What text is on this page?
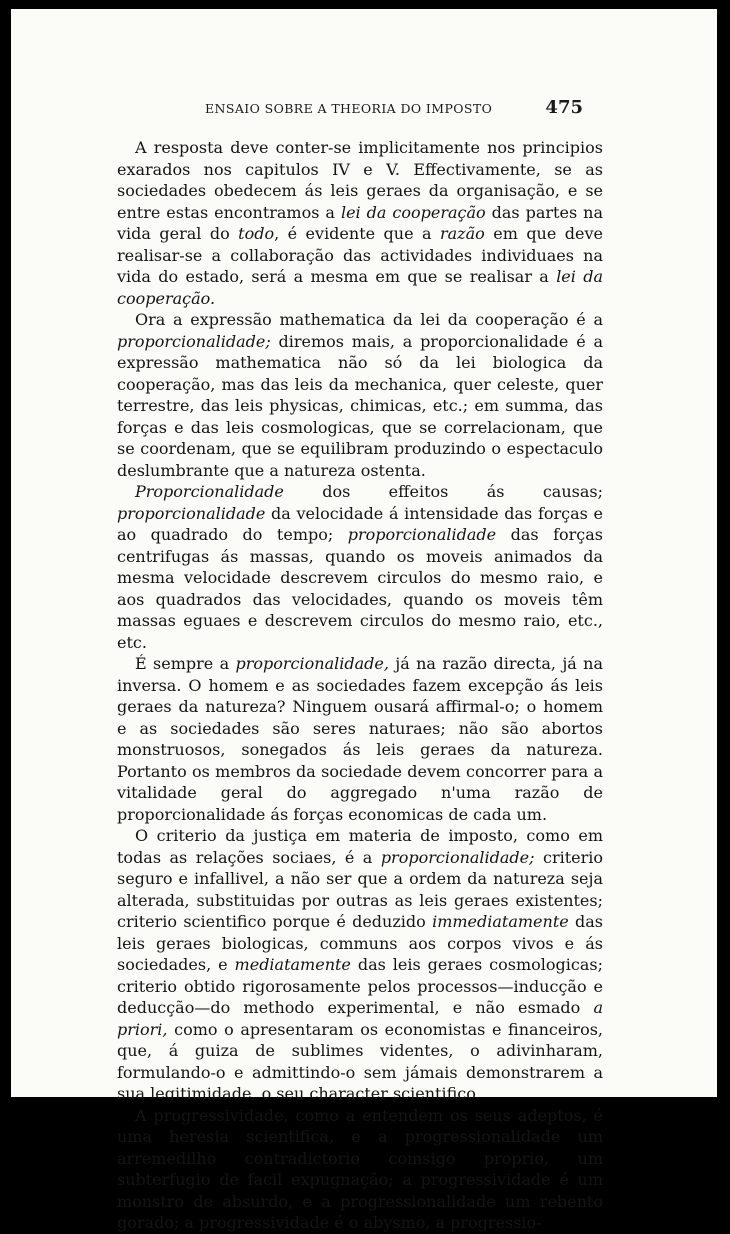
ENSAIO SOBRE A THEORIA DO IMPOSTO	475

A resposta deve conter-se implicitamente nos principios exarados nos capitulos IV e V. Effectivamente, se as sociedades obedecem ás leis geraes da organisação, e se entre estas encontramos a lei da cooperação das partes na vida geral do todo, é evidente que a razão em que deve realisar-se a collaboração das actividades individuaes na vida do estado, será a mesma em que se realisar a lei da cooperação.

Ora a expressão mathematica da lei da cooperação é a proporcionalidade; diremos mais, a proporcionalidade é a expressão mathematica não só da lei biologica da cooperação, mas das leis da mechanica, quer celeste, quer terrestre, das leis physicas, chimicas, etc.; em summa, das forças e das leis cosmologicas, que se correlacionam, que se coordenam, que se equilibram produzindo o espectaculo deslumbrante que a natureza ostenta.

Proporcionalidade dos effeitos ás causas; proporcionalidade da velocidade á intensidade das forças e ao quadrado do tempo; proporcionalidade das forças centrifugas ás massas, quando os moveis animados da mesma velocidade descrevem circulos do mesmo raio, e aos quadrados das velocidades, quando os moveis têm massas eguaes e descrevem circulos do mesmo raio, etc., etc.

É sempre a proporcionalidade, já na razão directa, já na inversa. O homem e as sociedades fazem excepção ás leis geraes da natureza? Ninguem ousará affirmal-o; o homem e as sociedades são seres naturaes; não são abortos monstruosos, sonegados ás leis geraes da natureza. Portanto os membros da sociedade devem concorrer para a vitalidade geral do aggregado n'uma razão de proporcionalidade ás forças economicas de cada um.

O criterio da justiça em materia de imposto, como em todas as relações sociaes, é a proporcionalidade; criterio seguro e infallivel, a não ser que a ordem da natureza seja alterada, substituidas por outras as leis geraes existentes; criterio scientifico porque é deduzido immediatamente das leis geraes biologicas, communs aos corpos vivos e ás sociedades, e mediatamente das leis geraes cosmologicas; criterio obtido rigorosamente pelos processos—inducção e deducção—do methodo experimental, e não esmado a priori, como o apresentaram os economistas e financeiros, que, á guiza de sublimes videntes, o adivinharam, formulando-o e admittindo-o sem jámais demonstrarem a sua legitimidade, o seu character scientifico.

A progressividade, como a entendem os seus adeptos, é uma heresia scientifica, e a progressionalidade um arremedilho contradictorio comsigo proprio, um subterfugio de facil expugnação; a progressividade é um monstro de absurdo, e a progressionalidade um rebento gorado; a progressividade é o abysmo, a progressio-
